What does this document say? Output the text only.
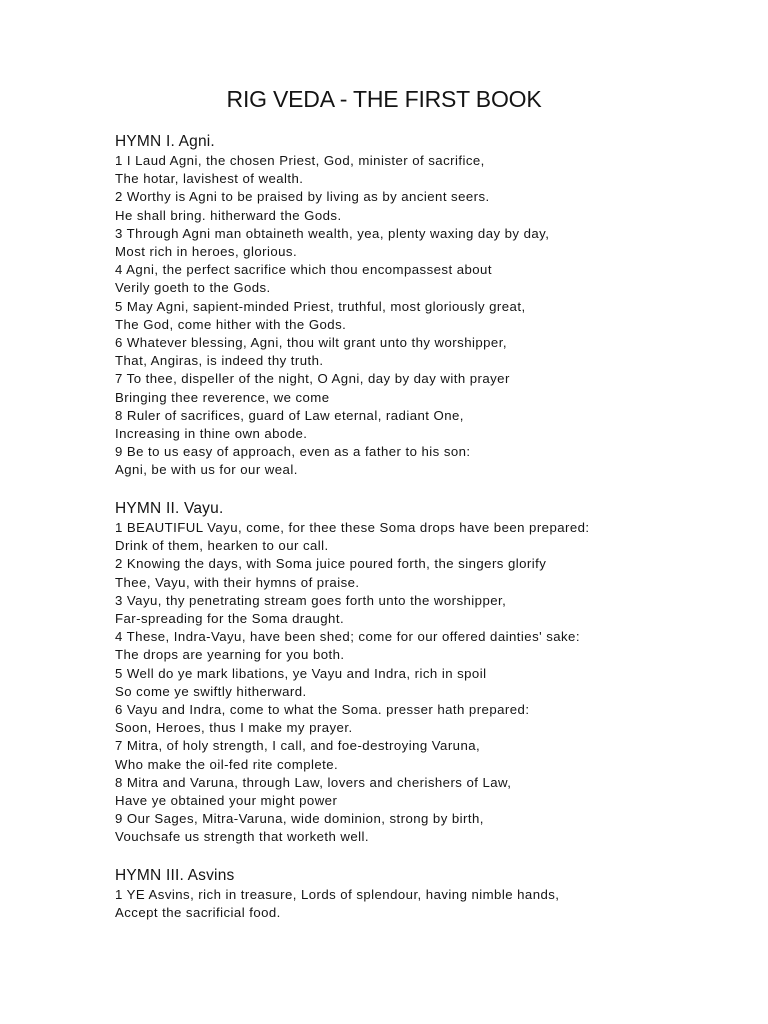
RIG VEDA - THE FIRST BOOK
HYMN I. Agni.
1 I Laud Agni, the chosen Priest, God, minister of sacrifice,
The hotar, lavishest of wealth.
2 Worthy is Agni to be praised by living as by ancient seers.
He shall bring. hitherward the Gods.
3 Through Agni man obtaineth wealth, yea, plenty waxing day by day,
Most rich in heroes, glorious.
4 Agni, the perfect sacrifice which thou encompassest about
Verily goeth to the Gods.
5 May Agni, sapient-minded Priest, truthful, most gloriously great,
The God, come hither with the Gods.
6 Whatever blessing, Agni, thou wilt grant unto thy worshipper,
That, Angiras, is indeed thy truth.
7 To thee, dispeller of the night, O Agni, day by day with prayer
Bringing thee reverence, we come
8 Ruler of sacrifices, guard of Law eternal, radiant One,
Increasing in thine own abode.
9 Be to us easy of approach, even as a father to his son:
Agni, be with us for our weal.
HYMN II. Vayu.
1 BEAUTIFUL Vayu, come, for thee these Soma drops have been prepared:
Drink of them, hearken to our call.
2 Knowing the days, with Soma juice poured forth, the singers glorify
Thee, Vayu, with their hymns of praise.
3 Vayu, thy penetrating stream goes forth unto the worshipper,
Far-spreading for the Soma draught.
4 These, Indra-Vayu, have been shed; come for our offered dainties' sake:
The drops are yearning for you both.
5 Well do ye mark libations, ye Vayu and Indra, rich in spoil
So come ye swiftly hitherward.
6 Vayu and Indra, come to what the Soma. presser hath prepared:
Soon, Heroes, thus I make my prayer.
7 Mitra, of holy strength, I call, and foe-destroying Varuna,
Who make the oil-fed rite complete.
8 Mitra and Varuna, through Law, lovers and cherishers of Law,
Have ye obtained your might power
9 Our Sages, Mitra-Varuna, wide dominion, strong by birth,
Vouchsafe us strength that worketh well.
HYMN III. Asvins
1 YE Asvins, rich in treasure, Lords of splendour, having nimble hands,
Accept the sacrificial food.
